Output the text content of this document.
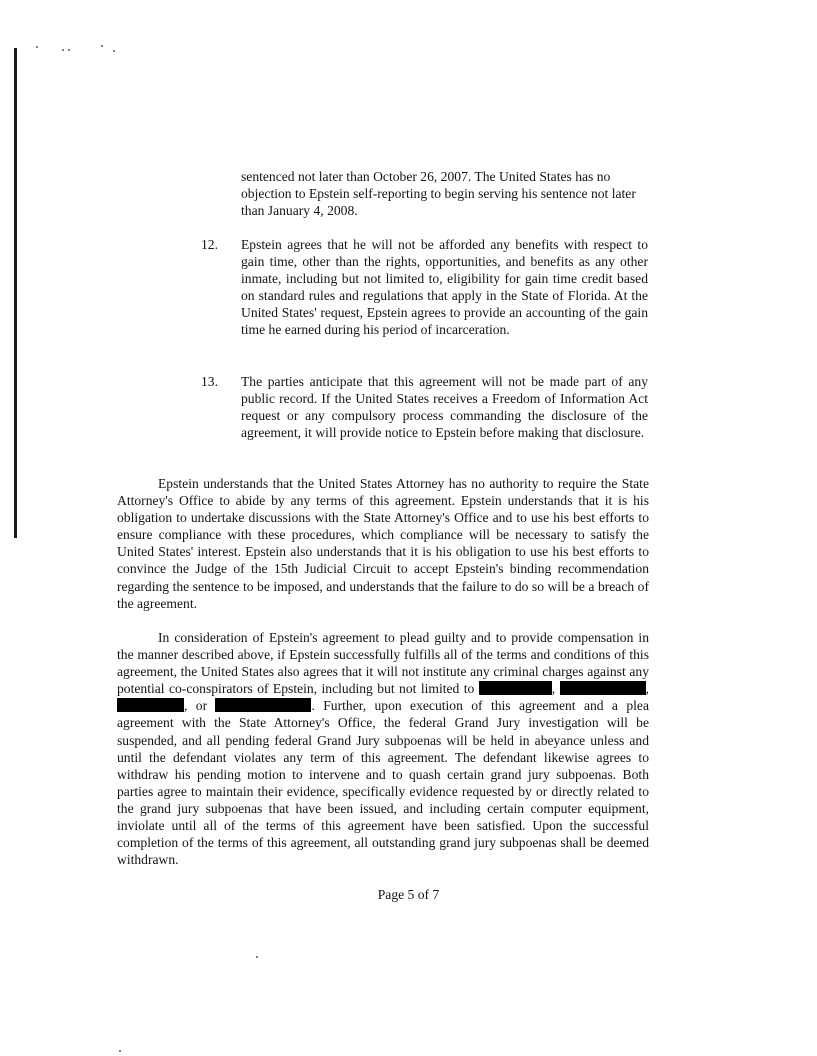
sentenced not later than October 26, 2007. The United States has no objection to Epstein self-reporting to begin serving his sentence not later than January 4, 2008.

12. Epstein agrees that he will not be afforded any benefits with respect to gain time, other than the rights, opportunities, and benefits as any other inmate, including but not limited to, eligibility for gain time credit based on standard rules and regulations that apply in the State of Florida. At the United States' request, Epstein agrees to provide an accounting of the gain time he earned during his period of incarceration.

13. The parties anticipate that this agreement will not be made part of any public record. If the United States receives a Freedom of Information Act request or any compulsory process commanding the disclosure of the agreement, it will provide notice to Epstein before making that disclosure.

Epstein understands that the United States Attorney has no authority to require the State Attorney's Office to abide by any terms of this agreement. Epstein understands that it is his obligation to undertake discussions with the State Attorney's Office and to use his best efforts to ensure compliance with these procedures, which compliance will be necessary to satisfy the United States' interest. Epstein also understands that it is his obligation to use his best efforts to convince the Judge of the 15th Judicial Circuit to accept Epstein's binding recommendation regarding the sentence to be imposed, and understands that the failure to do so will be a breach of the agreement.

In consideration of Epstein's agreement to plead guilty and to provide compensation in the manner described above, if Epstein successfully fulfills all of the terms and conditions of this agreement, the United States also agrees that it will not institute any criminal charges against any potential co-conspirators of Epstein, including but not limited to	,	, , or	. Further, upon execution of this agreement and a plea agreement with the State Attorney's Office, the federal Grand Jury investigation will be suspended, and all pending federal Grand Jury subpoenas will be held in abeyance unless and until the defendant violates any term of this agreement. The defendant likewise agrees to withdraw his pending motion to intervene and to quash certain grand jury subpoenas. Both parties agree to maintain their evidence, specifically evidence requested by or directly related to the grand jury subpoenas that have been issued, and including certain computer equipment, inviolate until all of the terms of this agreement have been satisfied. Upon the successful completion of the terms of this agreement, all outstanding grand jury subpoenas shall be deemed withdrawn.

Page 5 of 7
